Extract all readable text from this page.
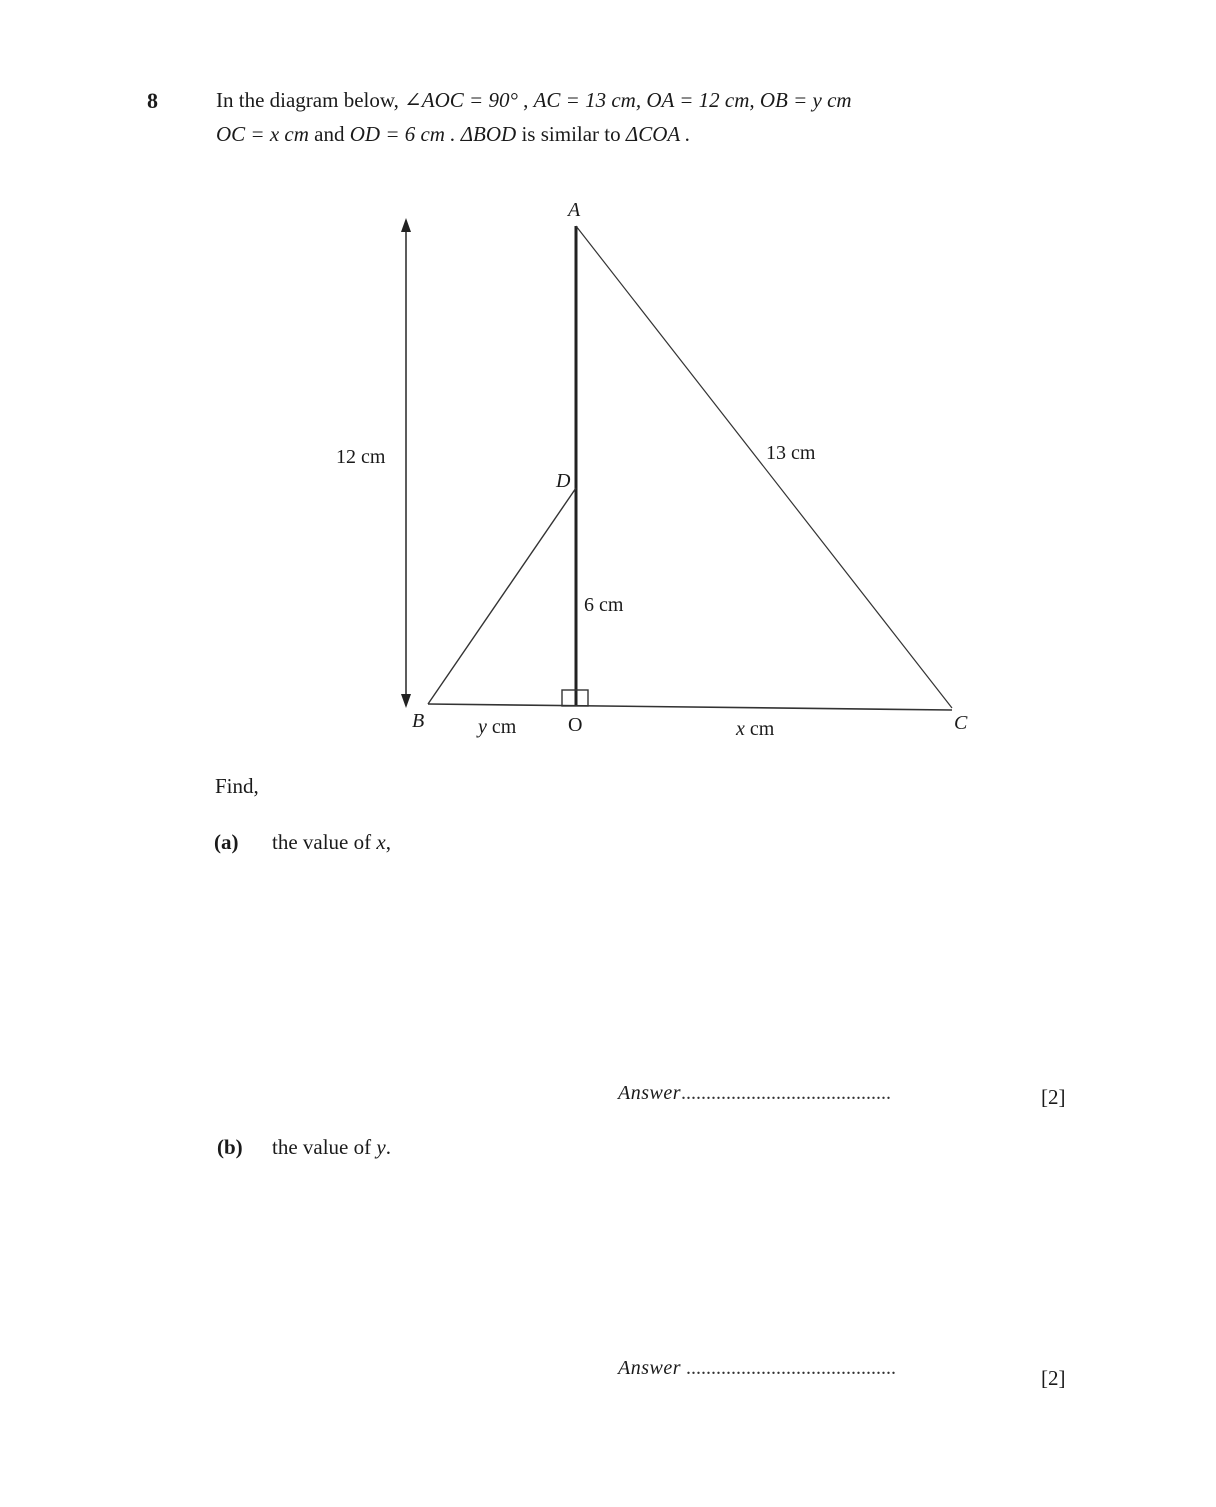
8	In the diagram below, ∠AOC = 90° , AC = 13 cm, OA = 12 cm, OB = y cm
OC = x cm and OD = 6 cm . ΔBOD is similar to ΔCOA .
A
D
B	O	C
12 cm	13 cm
6 cm
y cm	x cm
Find,
(a) the value of x,
Answer..........................................	[2]
(b) the value of y.
Answer ..........................................	[2]
